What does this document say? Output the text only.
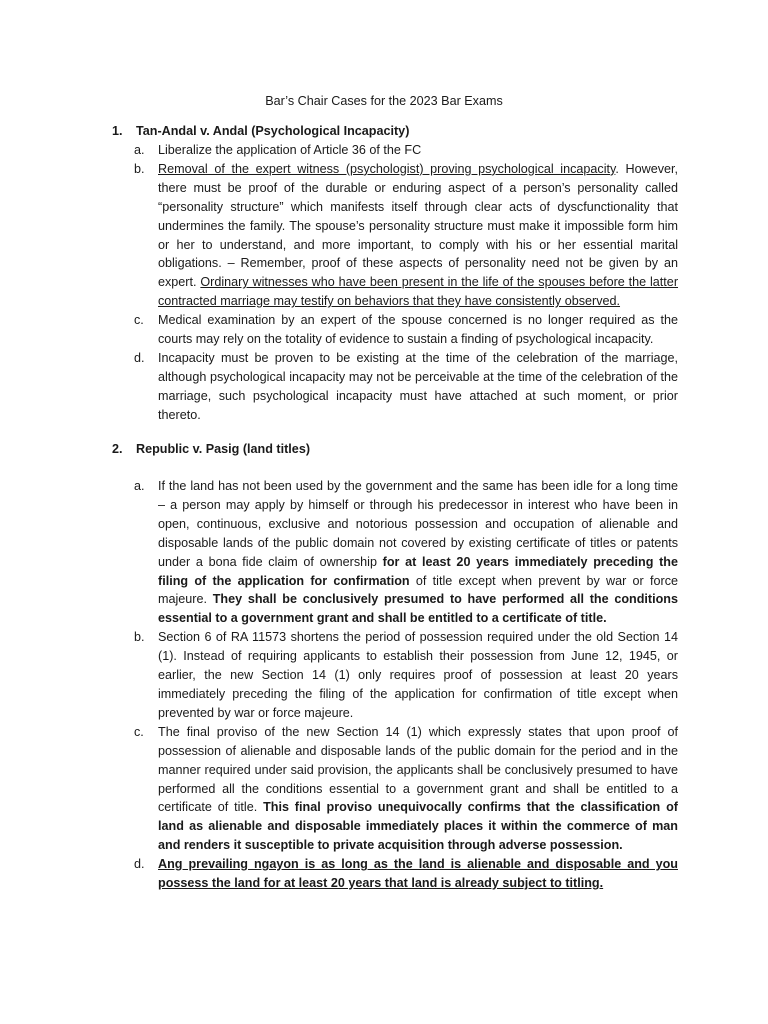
Bar’s Chair Cases for the 2023 Bar Exams
1.	Tan-Andal v. Andal (Psychological Incapacity)
a.	Liberalize the application of Article 36 of the FC
b.	Removal of the expert witness (psychologist) proving psychological incapacity. However, there must be proof of the durable or enduring aspect of a person’s personality called “personality structure” which manifests itself through clear acts of dyscfunctionality that undermines the family. The spouse’s personality structure must make it impossible form him or her to understand, and more important, to comply with his or her essential marital obligations. – Remember, proof of these aspects of personality need not be given by an expert. Ordinary witnesses who have been present in the life of the spouses before the latter contracted marriage may testify on behaviors that they have consistently observed.
c.	Medical examination by an expert of the spouse concerned is no longer required as the courts may rely on the totality of evidence to sustain a finding of psychological incapacity.
d.	Incapacity must be proven to be existing at the time of the celebration of the marriage, although psychological incapacity may not be perceivable at the time of the celebration of the marriage, such psychological incapacity must have attached at such moment, or prior thereto.
2.	Republic v. Pasig (land titles)
a.	If the land has not been used by the government and the same has been idle for a long time – a person may apply by himself or through his predecessor in interest who have been in open, continuous, exclusive and notorious possession and occupation of alienable and disposable lands of the public domain not covered by existing certificate of titles or patents under a bona fide claim of ownership for at least 20 years immediately preceding the filing of the application for confirmation of title except when prevent by war or force majeure. They shall be conclusively presumed to have performed all the conditions essential to a government grant and shall be entitled to a certificate of title.
b.	Section 6 of RA 11573 shortens the period of possession required under the old Section 14 (1). Instead of requiring applicants to establish their possession from June 12, 1945, or earlier, the new Section 14 (1) only requires proof of possession at least 20 years immediately preceding the filing of the application for confirmation of title except when prevented by war or force majeure.
c.	The final proviso of the new Section 14 (1) which expressly states that upon proof of possession of alienable and disposable lands of the public domain for the period and in the manner required under said provision, the applicants shall be conclusively presumed to have performed all the conditions essential to a government grant and shall be entitled to a certificate of title. This final proviso unequivocally confirms that the classification of land as alienable and disposable immediately places it within the commerce of man and renders it susceptible to private acquisition through adverse possession.
d.	Ang prevailing ngayon is as long as the land is alienable and disposable and you possess the land for at least 20 years that land is already subject to titling.
